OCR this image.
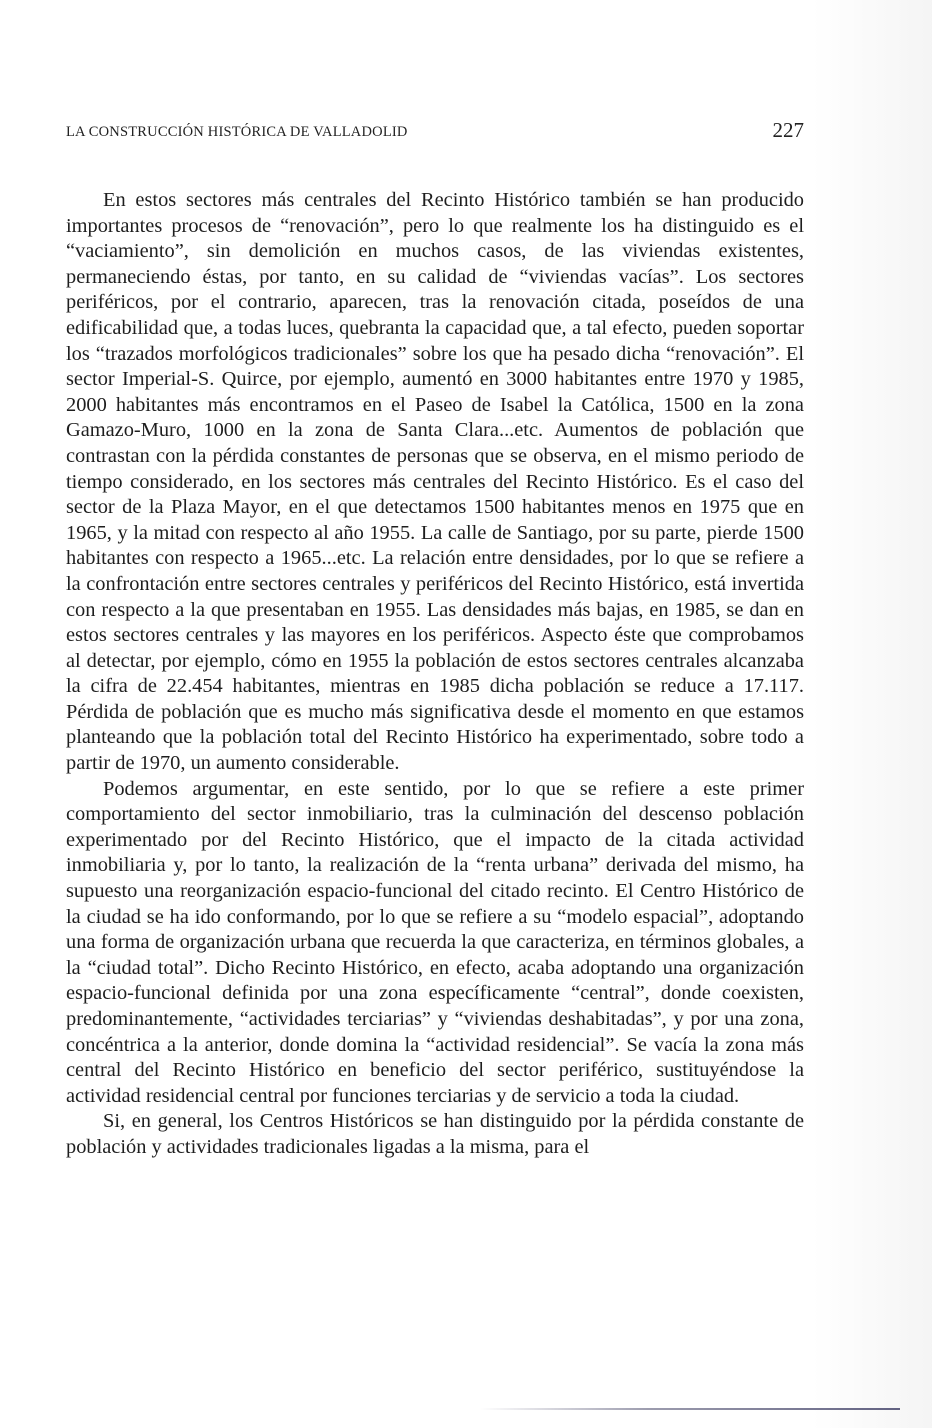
LA CONSTRUCCIÓN HISTÓRICA DE VALLADOLID	227

En estos sectores más centrales del Recinto Histórico también se han producido importantes procesos de “renovación”, pero lo que realmente los ha distinguido es el “vaciamiento”, sin demolición en muchos casos, de las viviendas existentes, permaneciendo éstas, por tanto, en su calidad de “viviendas vacías”. Los sectores periféricos, por el contrario, aparecen, tras la renovación citada, poseídos de una edificabilidad que, a todas luces, quebranta la capacidad que, a tal efecto, pueden soportar los “trazados morfológicos tradicionales” sobre los que ha pesado dicha “renovación”. El sector Imperial-S. Quirce, por ejemplo, aumentó en 3000 habitantes entre 1970 y 1985, 2000 habitantes más encontramos en el Paseo de Isabel la Católica, 1500 en la zona Gamazo-Muro, 1000 en la zona de Santa Clara...etc. Aumentos de población que contrastan con la pérdida constantes de personas que se observa, en el mismo periodo de tiempo considerado, en los sectores más centrales del Recinto Histórico. Es el caso del sector de la Plaza Mayor, en el que detectamos 1500 habitantes menos en 1975 que en 1965, y la mitad con respecto al año 1955. La calle de Santiago, por su parte, pierde 1500 habitantes con respecto a 1965...etc. La relación entre densidades, por lo que se refiere a la confrontación entre sectores centrales y periféricos del Recinto Histórico, está invertida con respecto a la que presentaban en 1955. Las densidades más bajas, en 1985, se dan en estos sectores centrales y las mayores en los periféricos. Aspecto éste que comprobamos al detectar, por ejemplo, cómo en 1955 la población de estos sectores centrales alcanzaba la cifra de 22.454 habitantes, mientras en 1985 dicha población se reduce a 17.117. Pérdida de población que es mucho más significativa desde el momento en que estamos planteando que la población total del Recinto Histórico ha experimentado, sobre todo a partir de 1970, un aumento considerable.

Podemos argumentar, en este sentido, por lo que se refiere a este primer comportamiento del sector inmobiliario, tras la culminación del descenso población experimentado por del Recinto Histórico, que el impacto de la citada actividad inmobiliaria y, por lo tanto, la realización de la “renta urbana” derivada del mismo, ha supuesto una reorganización espacio-funcional del citado recinto. El Centro Histórico de la ciudad se ha ido conformando, por lo que se refiere a su “modelo espacial”, adoptando una forma de organización urbana que recuerda la que caracteriza, en términos globales, a la “ciudad total”. Dicho Recinto Histórico, en efecto, acaba adoptando una organización espacio-funcional definida por una zona específicamente “central”, donde coexisten, predominantemente, “actividades terciarias” y “viviendas deshabitadas”, y por una zona, concéntrica a la anterior, donde domina la “actividad residencial”. Se vacía la zona más central del Recinto Histórico en beneficio del sector periférico, sustituyéndose la actividad residencial central por funciones terciarias y de servicio a toda la ciudad.

Si, en general, los Centros Históricos se han distinguido por la pérdida constante de población y actividades tradicionales ligadas a la misma, para el
